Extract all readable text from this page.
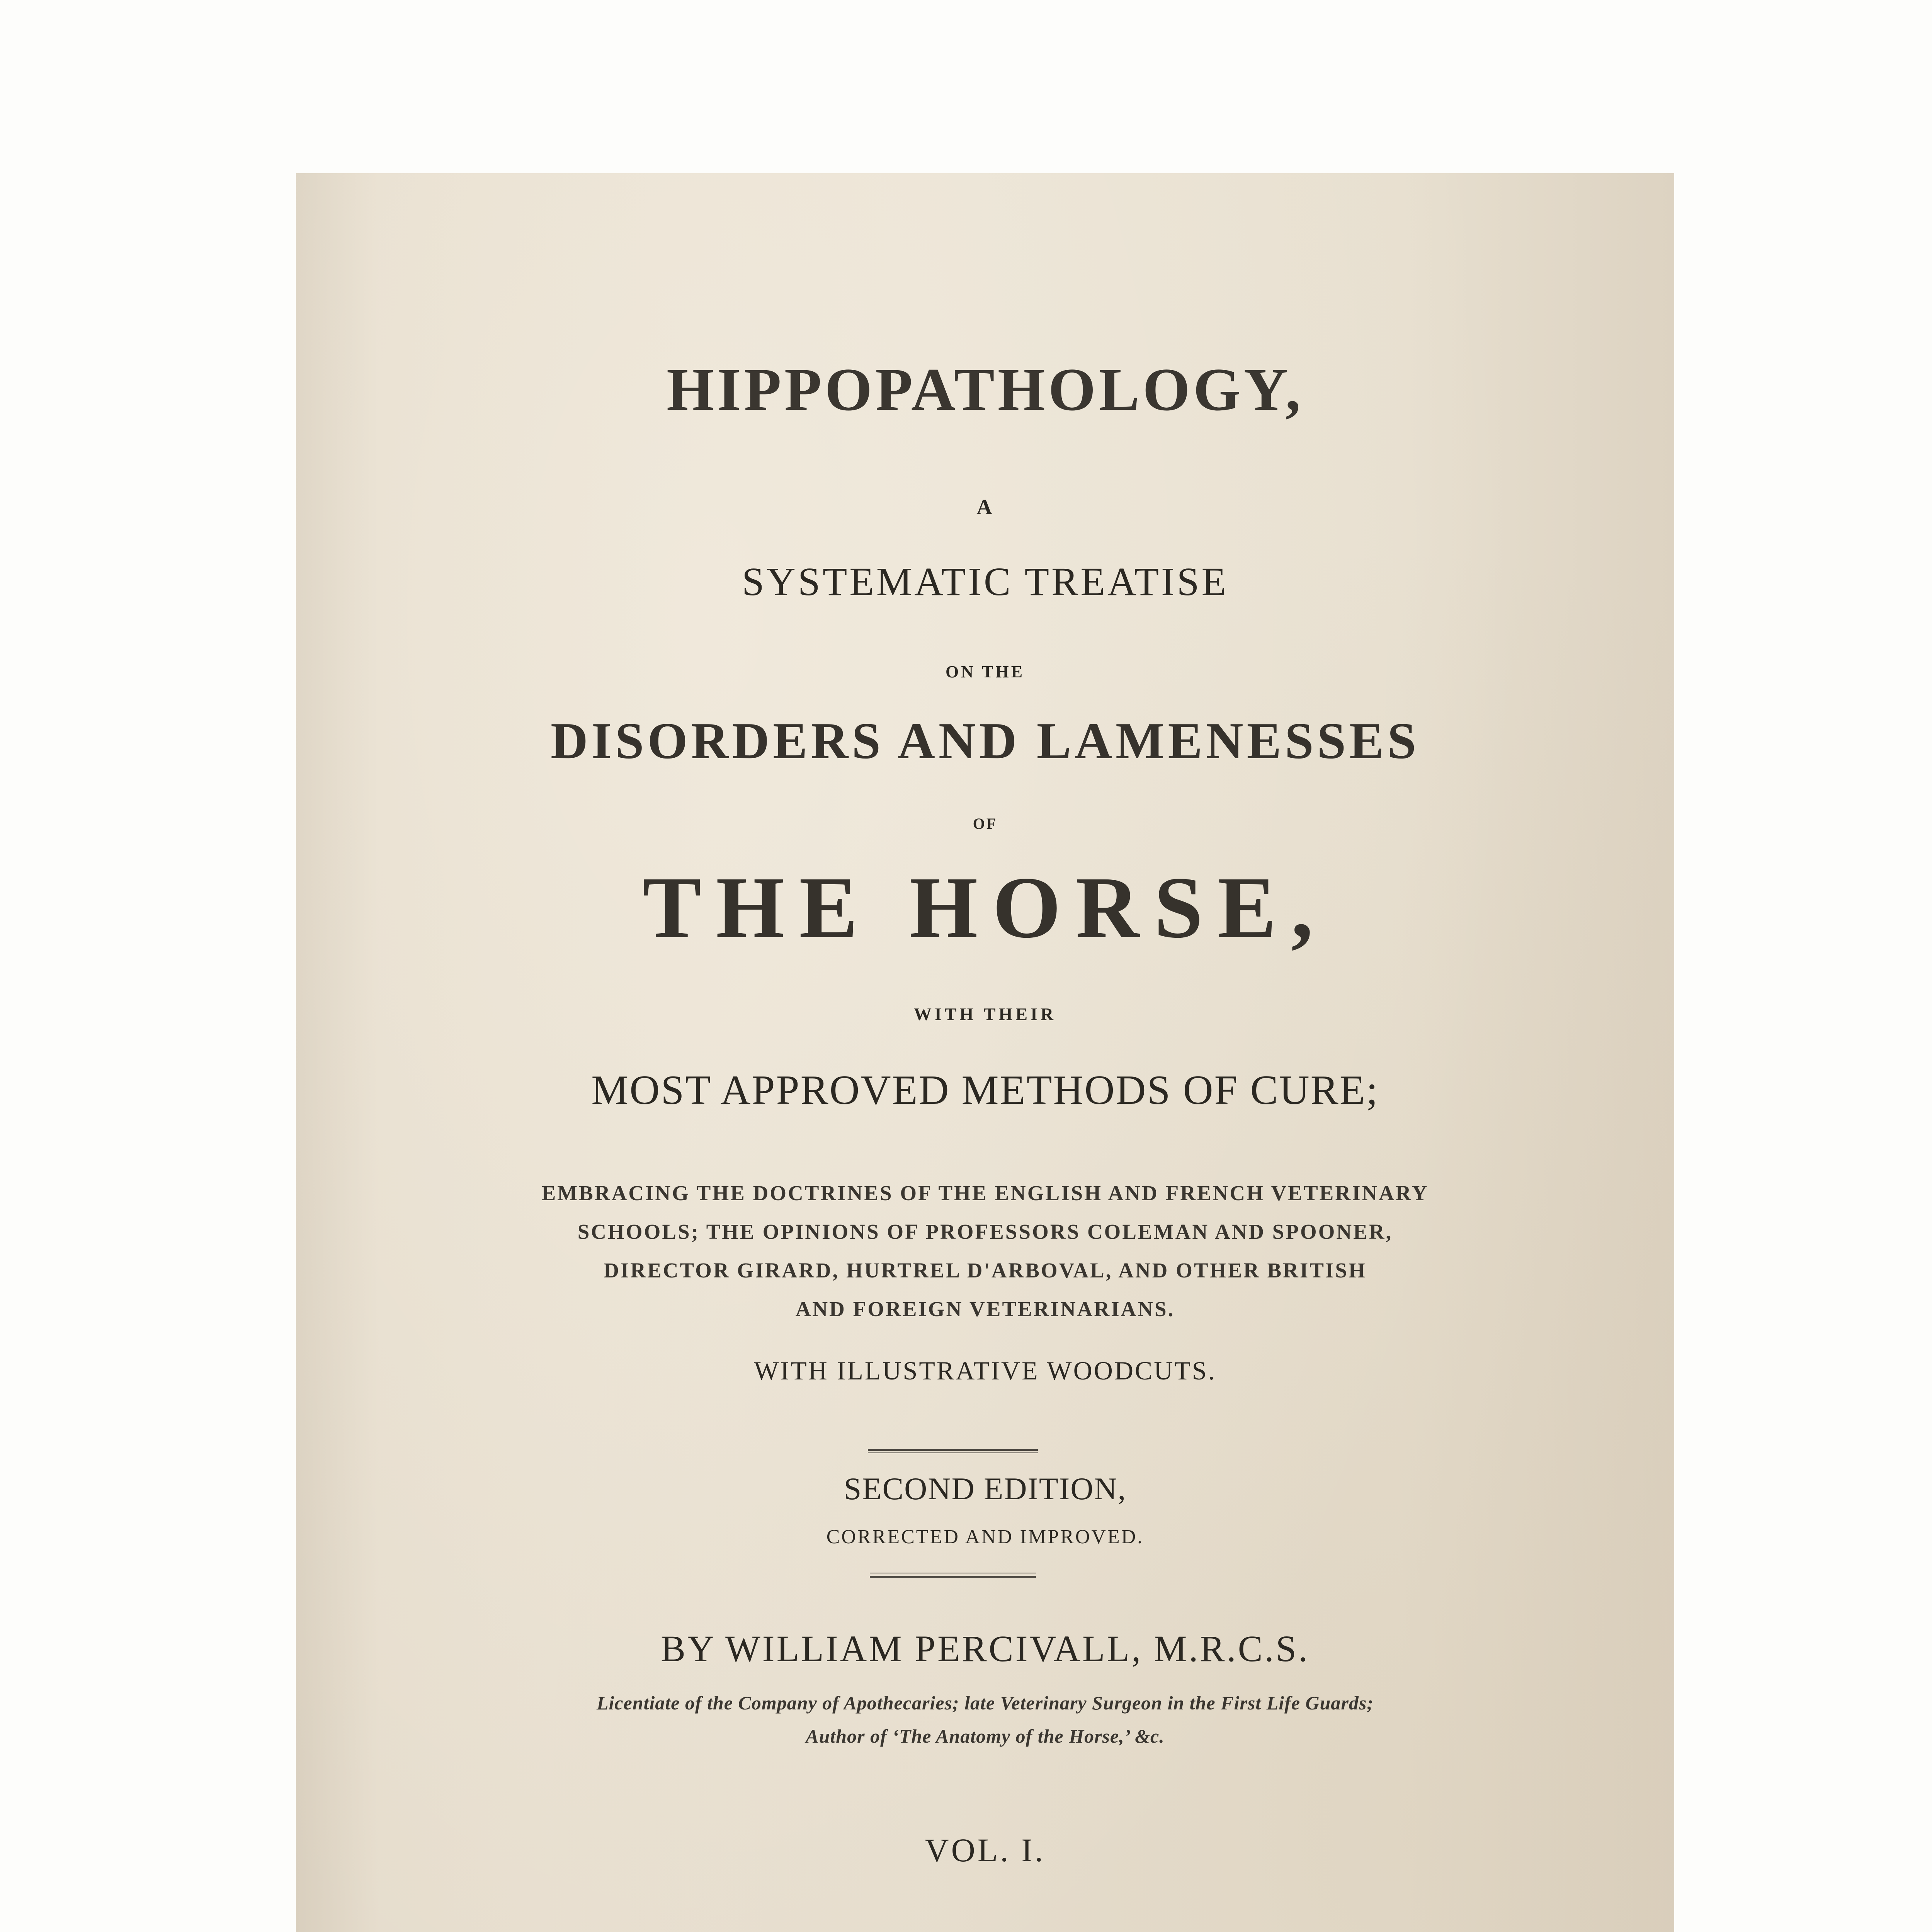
HIPPOPATHOLOGY,
A
SYSTEMATIC TREATISE
ON THE
DISORDERS AND LAMENESSES
OF
THE HORSE,
WITH THEIR
MOST APPROVED METHODS OF CURE;
EMBRACING THE DOCTRINES OF THE ENGLISH AND FRENCH VETERINARY
SCHOOLS; THE OPINIONS OF PROFESSORS COLEMAN AND SPOONER,
DIRECTOR GIRARD, HURTREL D'ARBOVAL, AND OTHER BRITISH
AND FOREIGN VETERINARIANS.
WITH ILLUSTRATIVE WOODCUTS.
SECOND EDITION,
CORRECTED AND IMPROVED.
BY WILLIAM PERCIVALL, M.R.C.S.
Licentiate of the Company of Apothecaries; late Veterinary Surgeon in the First Life Guards;
Author of ‘The Anatomy of the Horse,’ &c.
VOL. I.
